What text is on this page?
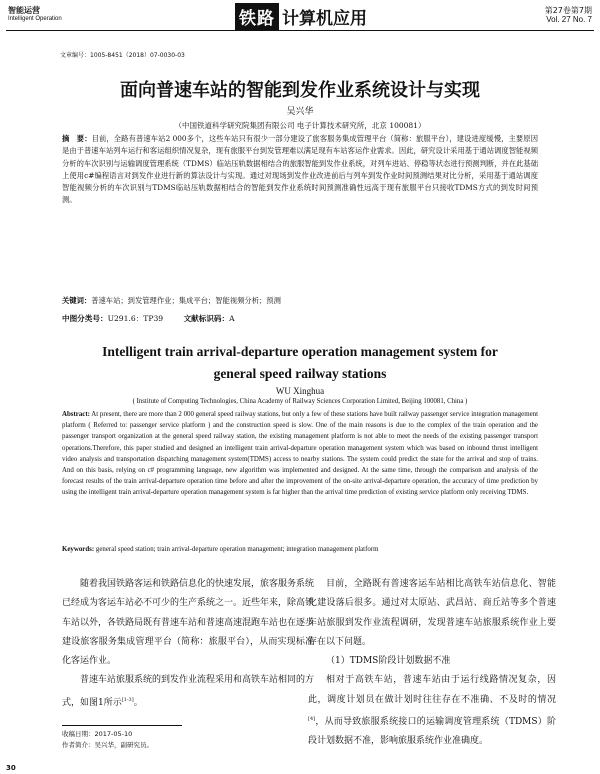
智能运营
Intelligent Operation	铁路 计算机应用	第27卷第7期
Vol. 27 No. 7
文章编号：1005-8451（2018）07-0030-03
面向普速车站的智能到发作业系统设计与实现
吴兴华
（中国铁道科学研究院集团有限公司 电子计算技术研究所，北京 100081）
摘　要：目前，全路有普速车站2 000多个，这些车站只有很少一部分建设了旅客服务集成管理平台（简称：旅服平台），建设进度缓慢，主要原因是由于普速车站列车运行和客运组织情况复杂，现有旅服平台到发管理难以满足现有车站客运作业需求。因此，研究设计采用基于通站调度智能视频分析的车次识别与运输调度管理系统（TDMS）临站压轨数据相结合的旅服智能到发作业系统，对列车进站、停稳等状态进行预测判断，并在此基础上使用c#编程语言对到发作业进行新的算法设计与实现。通过对现场到发作业改进前后与列车到发作业时间预测结果对比分析，采用基于通站调度智能视频分析的车次识别与TDMS临站压轨数据相结合的智能到发作业系统时间预测准确性远高于现有旅服平台只接收TDMS方式的到发时间预测。
关键词：普速车站；到发管理作业；集成平台；智能视频分析；预测
中图分类号：U291.6：TP39	文献标识码：A
Intelligent train arrival-departure operation management system for
general speed railway stations
WU Xinghua
( Institute of Computing Technologies, China Academy of Railway Sciences Corporation Limited, Beijing 100081, China )
Abstract: At present, there are more than 2 000 general speed railway stations, but only a few of these stations have built railway passenger service integration management platform ( Referred to: passenger service platform ) and the construction speed is slow. One of the main reasons is due to the complex of the train operation and the passenger transport organization at the general speed railway station, the existing management platform is not able to meet the needs of the existing passenger transport operations.Therefore, this paper studied and designed an intelligent train arrival-departure operation management system which was based on inbound thrust intelligent video analysis and transportation dispatching management system(TDMS) access to nearby stations. The system could predict the state for the arrival and stop of trains. And on this basis, relying on c# programming language, new algorithm was implemented and designed. At the same time, through the comparison and analysis of the forecast results of the train arrival-departure operation time before and after the improvement of the on-site arrival-departure operation, the accuracy of time prediction by using the intelligent train arrival-departure operation management system is far higher than the arrival time prediction of existing service platform only receiving TDMS.
Keywords: general speed station; train arrival-departure operation management; integration management platform

随着我国铁路客运和铁路信息化的快速发展，旅客服务系统已经成为客运车站必不可少的生产系统之一。近些年来，除高铁车站以外，各铁路局既有普速车站和普速高速混跑车站也在逐步建设旅客服务集成管理平台（简称：旅服平台），从而实现标准化客运作业。

普速车站旅服系统的到发作业流程采用和高铁车站相同的方式，如图1所示[1-3]。

目前，全路既有普速客运车站相比高铁车站信息化、智能化建设落后很多。通过对太原站、武昌站、商丘站等多个普速车站旅服到发作业流程调研，发现普速车站旅服系统作业上要存在以下问题。

（1）TDMS阶段计划数据不准

相对于高铁车站，普速车站由于运行线路情况复杂，因此，调度计划员在做计划时往往存在不准确、不及时的情况[4]，从而导致旅服系统接口的运输调度管理系统（TDMS）阶段计划数据不准，影响旅服系统作业准确度。

收稿日期：2017-05-10
作者简介：吴兴华，副研究员。
30
